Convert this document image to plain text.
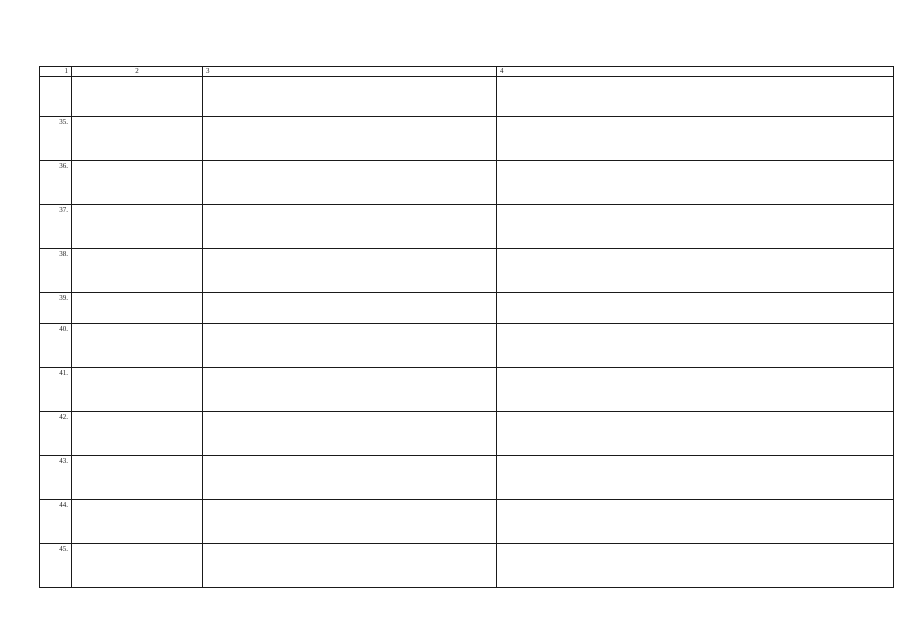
1	2	3	4

35.			
36.			
37.			
38.			
39.			
40.			
41.			
42.			
43.			
44.			
45.			
